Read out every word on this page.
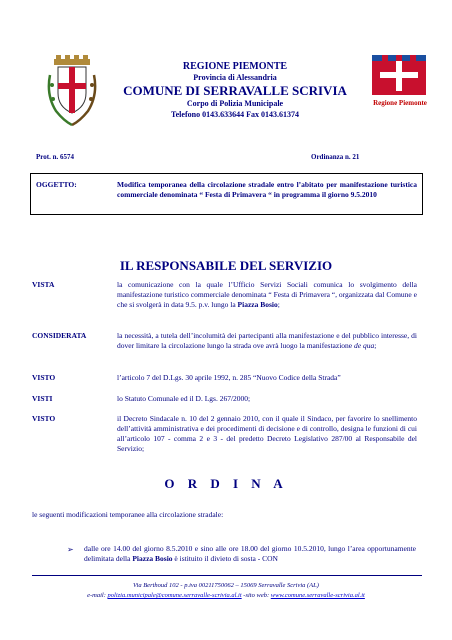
REGIONE PIEMONTE
Provincia di Alessandria
COMUNE DI SERRAVALLE SCRIVIA
Corpo di Polizia Municipale
Telefono 0143.633644 Fax 0143.61374
Regione Piemonte
Prot. n. 6574	Ordinanza n. 21
OGGETTO:	Modifica temporanea della circolazione stradale entro l’abitato per manifestazione turistica commerciale denominata “ Festa di Primavera “ in programma il giorno 9.5.2010
IL RESPONSABILE DEL SERVIZIO
VISTA	la comunicazione con la quale l’Ufficio Servizi Sociali comunica lo svolgimento della manifestazione turistico commerciale denominata “ Festa di Primavera “, organizzata dal Comune e che si svolgerà in data 9.5. p.v. lungo la Piazza Bosio;
CONSIDERATA	la necessità, a tutela dell’incolumità dei partecipanti alla manifestazione e del pubblico interesse, di dover limitare la circolazione lungo la strada ove avrà luogo la manifestazione de qua;
VISTO	l’articolo 7 del D.Lgs. 30 aprile 1992, n. 285 “Nuovo Codice della Strada”
VISTI	lo Statuto Comunale ed il D. Lgs. 267/2000;
VISTO	il Decreto Sindacale n. 10 del 2 gennaio 2010, con il quale il Sindaco, per favorire lo snellimento dell’attività amministrativa e dei procedimenti di decisione e di controllo, designa le funzioni di cui all’articolo 107 - comma 2 e 3 - del predetto Decreto Legislativo 287/00 al Responsabile del Servizio;
O R D I N A
le seguenti modificazioni temporanee alla circolazione stradale:
➢ dalle ore 14.00 del giorno 8.5.2010 e sino alle ore 18.00 del giorno 10.5.2010, lungo l’area opportunamente delimitata della Piazza Bosio è istituito il divieto di sosta - CON
Via Berthoud 102 - p.iva 00211750062 – 15069 Serravalle Scrivia (AL)
e-mail: polizia.municipale@comune.serravalle-scrivia.al.it -sito web: www.comune.serravalle-scrivia.al.it
